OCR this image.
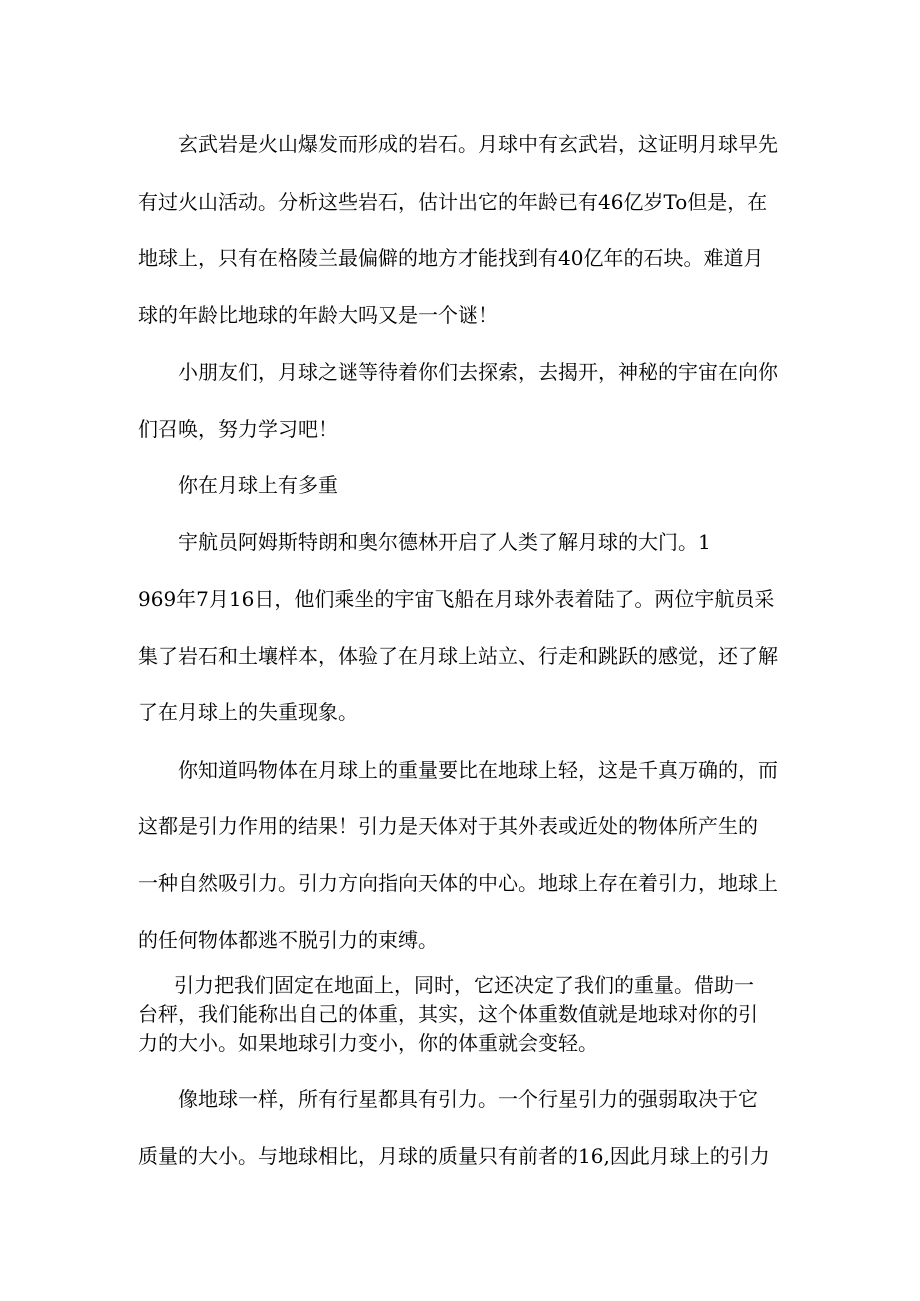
玄武岩是火山爆发而形成的岩石。月球中有玄武岩，这证明月球早先
有过火山活动。分析这些岩石，估计出它的年龄已有46亿岁To但是，在
地球上，只有在格陵兰最偏僻的地方才能找到有40亿年的石块。难道月
球的年龄比地球的年龄大吗又是一个谜！
小朋友们，月球之谜等待着你们去探索，去揭开，神秘的宇宙在向你
们召唤，努力学习吧！
你在月球上有多重
宇航员阿姆斯特朗和奥尔德林开启了人类了解月球的大门。1
969年7月16日，他们乘坐的宇宙飞船在月球外表着陆了。两位宇航员采
集了岩石和土壤样本，体验了在月球上站立、行走和跳跃的感觉，还了解
了在月球上的失重现象。
你知道吗物体在月球上的重量要比在地球上轻，这是千真万确的，而
这都是引力作用的结果！引力是天体对于其外表或近处的物体所产生的
一种自然吸引力。引力方向指向天体的中心。地球上存在着引力，地球上
的任何物体都逃不脱引力的束缚。
引力把我们固定在地面上，同时，它还决定了我们的重量。借助一
台秤，我们能称出自己的体重，其实，这个体重数值就是地球对你的引
力的大小。如果地球引力变小，你的体重就会变轻。
像地球一样，所有行星都具有引力。一个行星引力的强弱取决于它
质量的大小。与地球相比，月球的质量只有前者的16,因此月球上的引力
